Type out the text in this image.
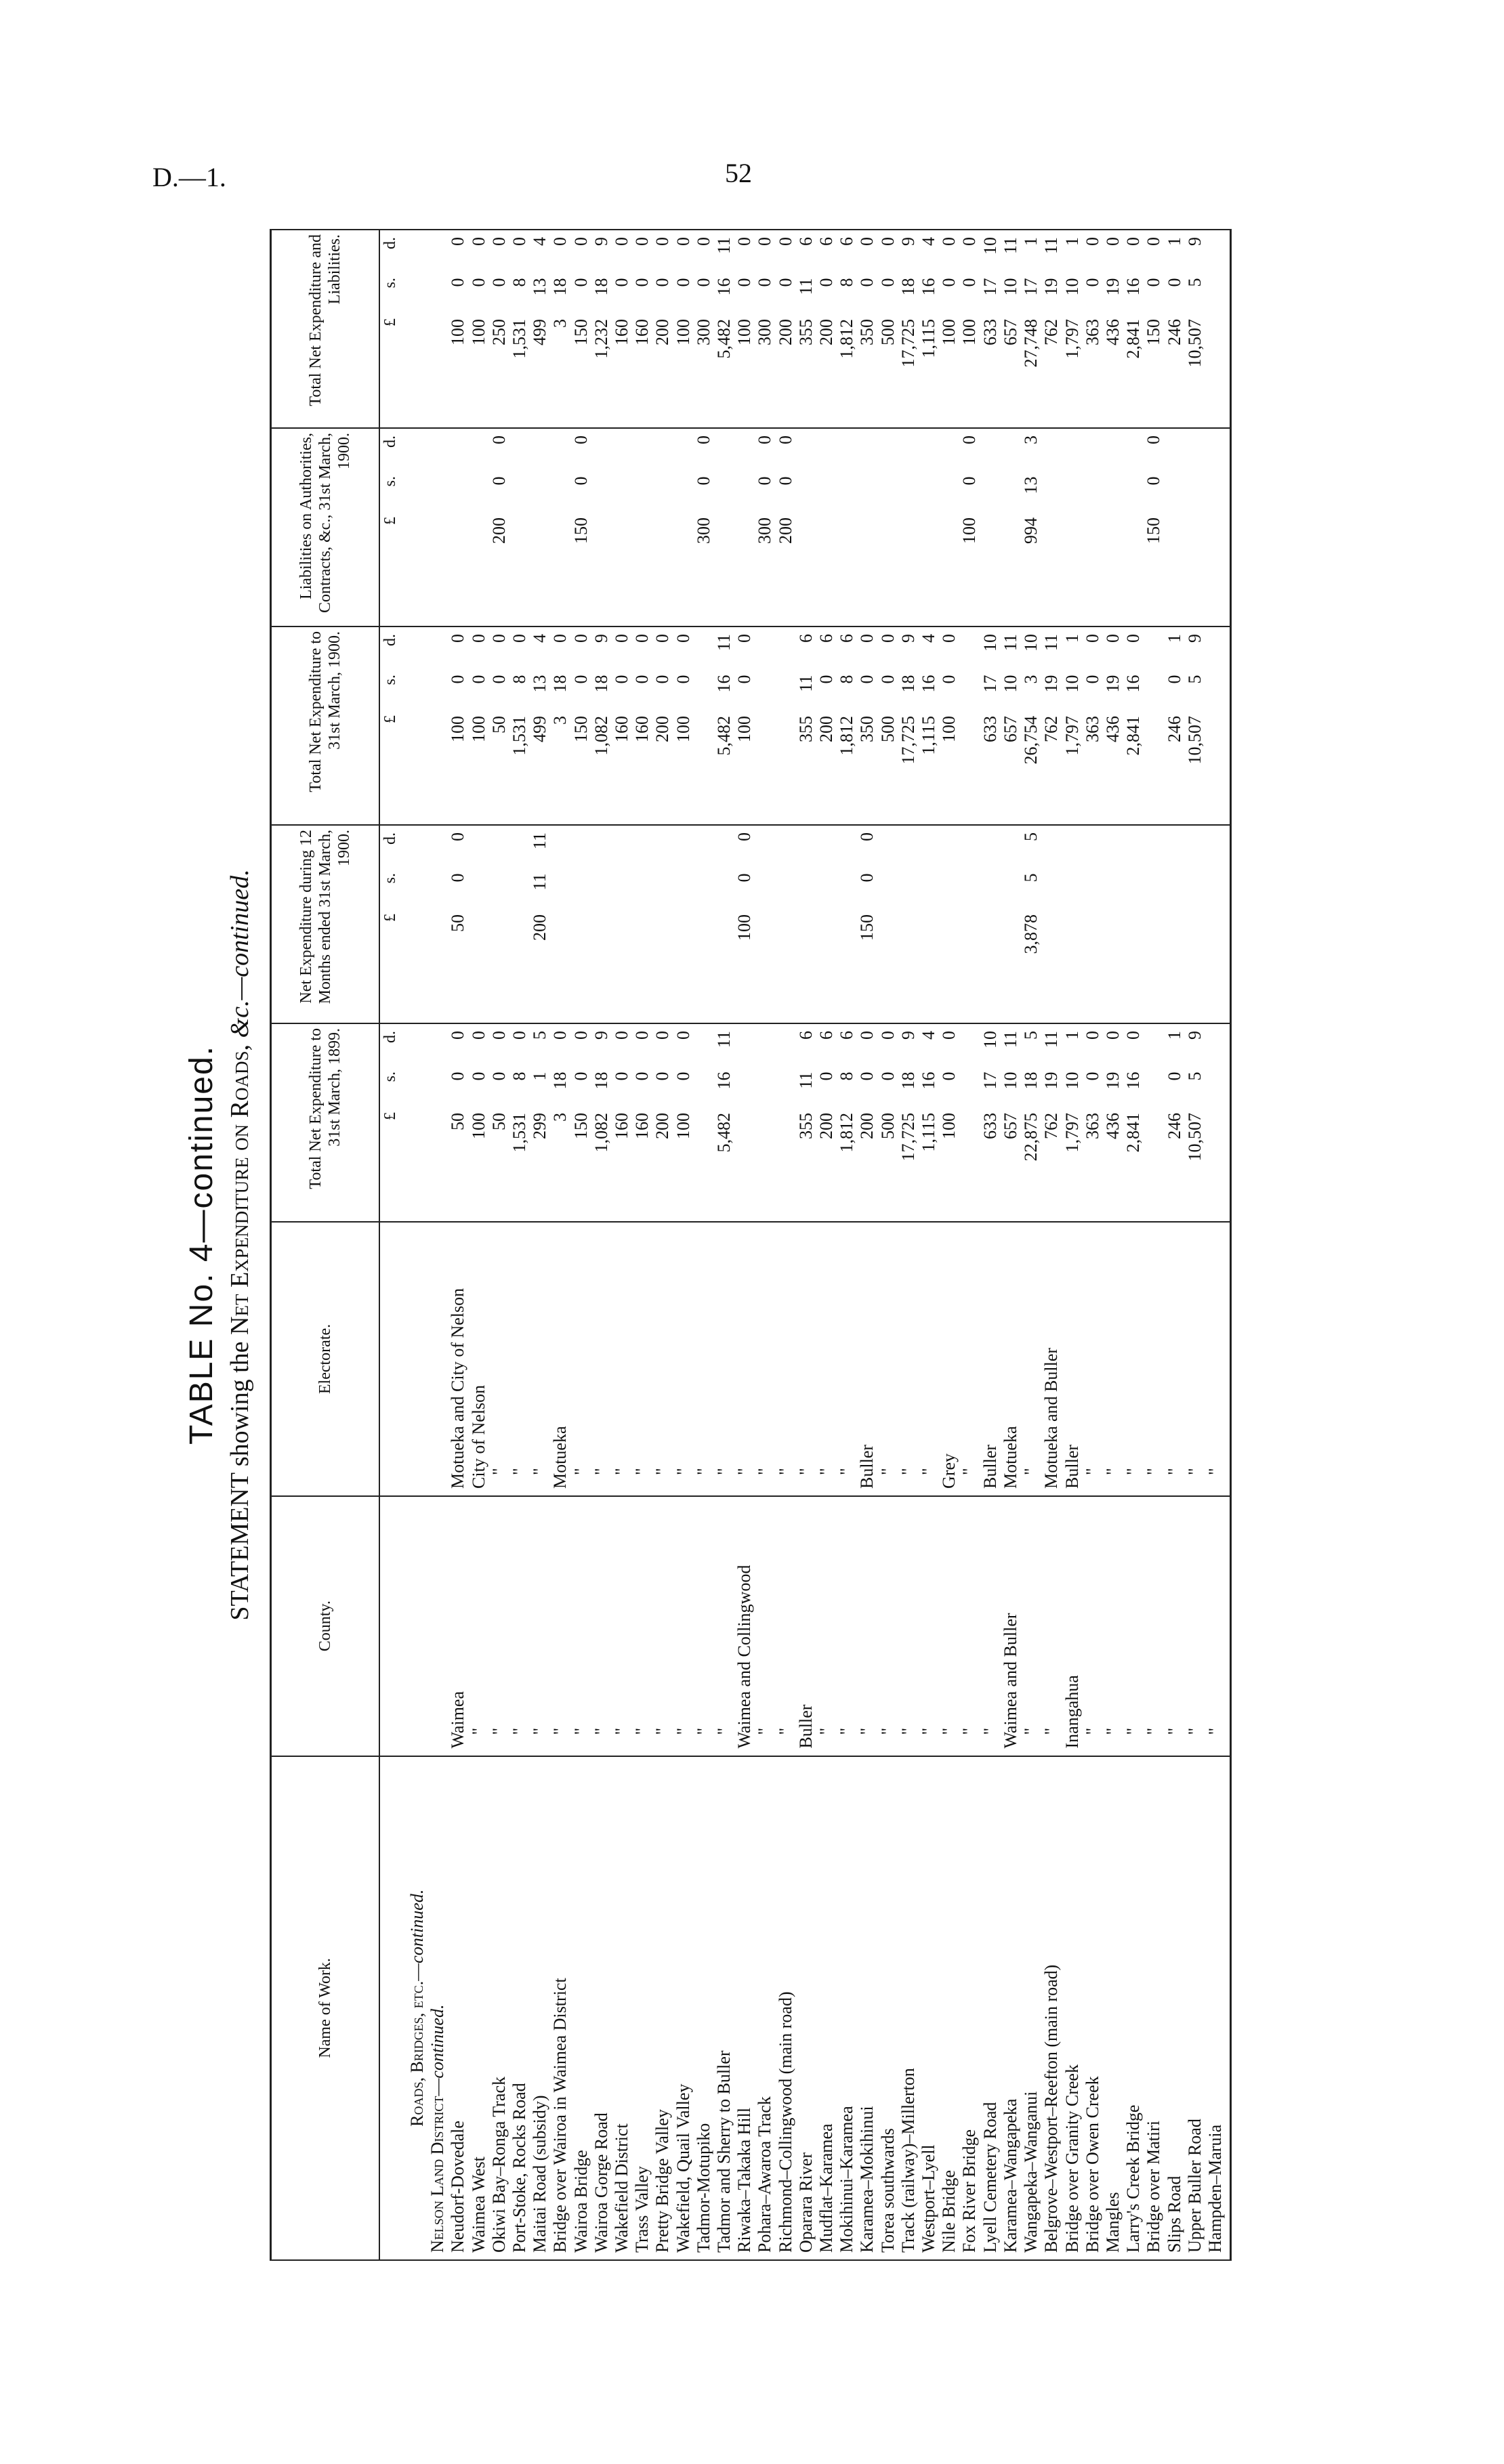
D.—1.	52
TABLE No. 4—continued.
STATEMENT showing the Net Expenditure on Roads, &c.—continued.
Name of Work.	County.	Electorate.	Total Net Expenditure to 31st March, 1899.	Net Expenditure during 12 Months ended 31st March, 1900.	Total Net Expenditure to 31st March, 1900.	Liabilities on Authorities, Contracts, &c., 31st March, 1900.	Total Net Expenditure and Liabilities.
			£ s. d.	£ s. d.	£ s. d.	£ s. d.	£ s. d.
Roads, Bridges, etc.—continued.							
Nelson Land District—continued.							
Neudorf-Dovedale	Waimea	Motueka and City of Nelson	50 0 0	50 0 0	100 0 0		100 0 0
Waimea West	"	City of Nelson	100 0 0		100 0 0		100 0 0
Okiwi Bay–Ronga Track	"	"	50 0 0		50 0 0	200 0 0	250 0 0
Port-Stoke, Rocks Road	"	"	1,531 8 0		1,531 8 0		1,531 8 0
Maitai Road (subsidy)	"	"	299 1 5	200 11 11	499 13 4		499 13 4
Bridge over Wairoa in Waimea District	"	Motueka	3 18 0		3 18 0		3 18 0
Wairoa Bridge	"	"	150 0 0		150 0 0	150 0 0	150 0 0
Wairoa Gorge Road	"	"	1,082 18 9		1,082 18 9		1,232 18 9
Wakefield District	"	"	160 0 0		160 0 0		160 0 0
Trass Valley	"	"	160 0 0		160 0 0		160 0 0
Pretty Bridge Valley	"	"	200 0 0		200 0 0		200 0 0
Wakefield, Quail Valley	"	"	100 0 0		100 0 0		100 0 0
Tadmor-Motupiko	"	"				300 0 0	300 0 0
Tadmor and Sherry to Buller	"	"	5,482 16 11		5,482 16 11		5,482 16 11
Riwaka–Takaka Hill	Waimea and Collingwood	"		100 0 0	100 0 0		100 0 0
Pohara–Awaroa Track	"	"				300 0 0	300 0 0
Richmond–Collingwood (main road)	"	"				200 0 0	200 0 0
Oparara River	Buller	"	355 11 6		355 11 6		355 11 6
Mudflat–Karamea	"	"	200 0 6		200 0 6		200 0 6
Mokihinui–Karamea	"	"	1,812 8 6		1,812 8 6		1,812 8 6
Karamea–Mokihinui	"	Buller	200 0 0	150 0 0	350 0 0		350 0 0
Torea southwards	"	"	500 0 0		500 0 0		500 0 0
Track (railway)–Millerton	"	"	17,725 18 9		17,725 18 9		17,725 18 9
Westport–Lyell	"	"	1,115 16 4		1,115 16 4		1,115 16 4
Nile Bridge	"	Grey	100 0 0		100 0 0		100 0 0
Fox River Bridge	"	"				100 0 0	100 0 0
Lyell Cemetery Road	"	Buller	633 17 10		633 17 10		633 17 10
Karamea–Wangapeka	Waimea and Buller	Motueka	657 10 11		657 10 11		657 10 11
Wangapeka–Wanganui	"	"	22,875 18 5	3,878 5 5	26,754 3 10	994 13 3	27,748 17 1
Belgrove–Westport–Reefton (main road)	"	Motueka and Buller	762 19 11		762 19 11		762 19 11
Bridge over Granity Creek	Inangahua	Buller	1,797 10 1		1,797 10 1		1,797 10 1
Bridge over Owen Creek	"	"	363 0 0		363 0 0		363 0 0
Mangles	"	"	436 19 0		436 19 0		436 19 0
Larry's Creek Bridge	"	"	2,841 16 0		2,841 16 0		2,841 16 0
Bridge over Matiri	"	"				150 0 0	150 0 0
Slips Road	"	"	246 0 1		246 0 1		246 0 1
Upper Buller Road	"	"	10,507 5 9		10,507 5 9		10,507 5 9
Hampden–Maruia	"	"					
